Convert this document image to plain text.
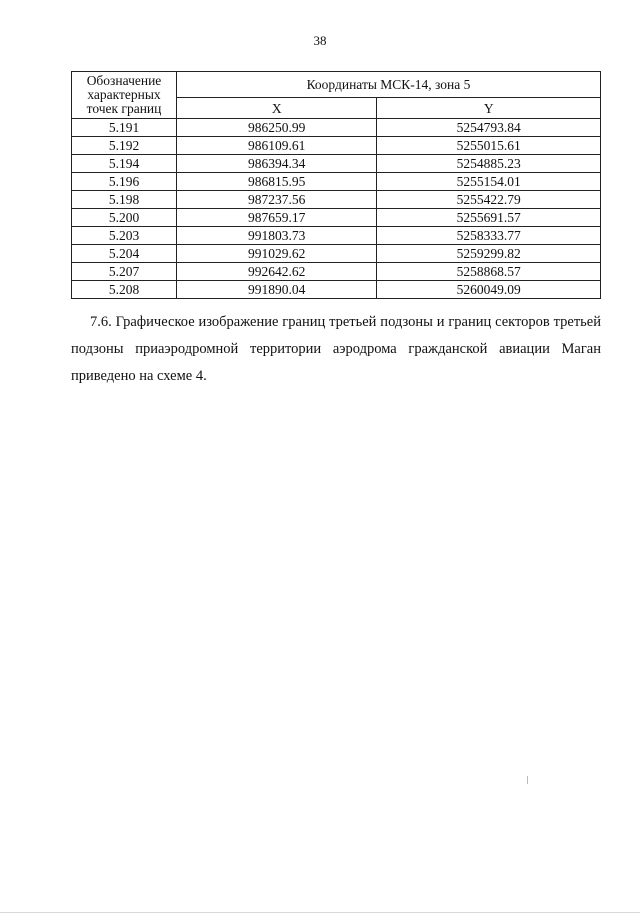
38
Обозначение
характерных
точек границ	Координаты МСК-14, зона 5	
	X	Y
5.191	986250.99	5254793.84
5.192	986109.61	5255015.61
5.194	986394.34	5254885.23
5.196	986815.95	5255154.01
5.198	987237.56	5255422.79
5.200	987659.17	5255691.57
5.203	991803.73	5258333.77
5.204	991029.62	5259299.82
5.207	992642.62	5258868.57
5.208	991890.04	5260049.09
7.6. Графическое изображение границ третьей подзоны и границ секторов третьей
подзоны приаэродромной территории аэродрома гражданской авиации Маган
приведено на схеме 4.
